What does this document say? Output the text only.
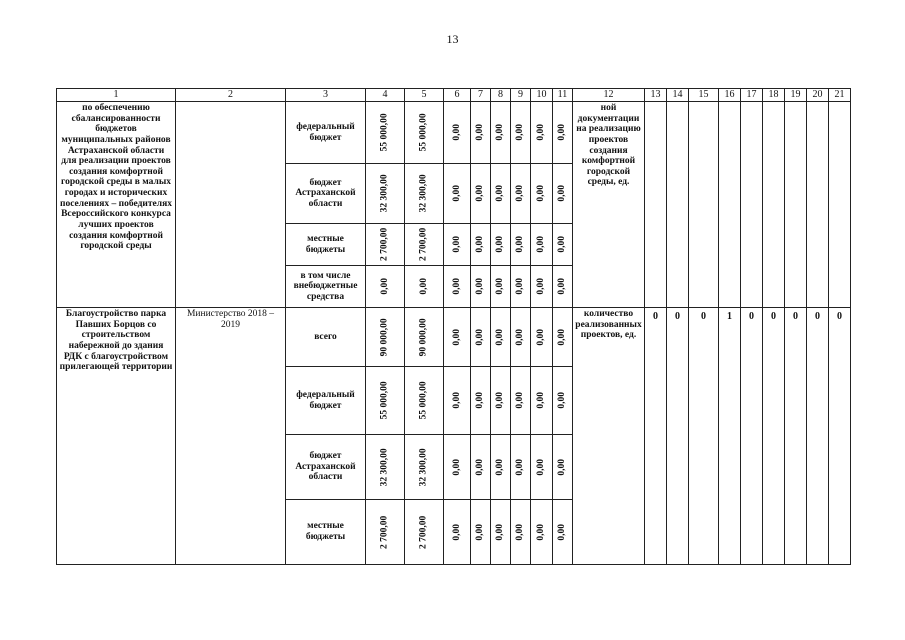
13
1	2	3	4	5	6	7	8	9	10	11	12	13	14	15	16	17	18	19	20	21
по обеспечению сбалансированности бюджетов муниципальных районов Астраханской области для реализации проектов создания комфортной городской среды в малых городах и исторических поселениях – победителях Всероссийского конкурса лучших проектов создания комфортной городской среды		федеральный бюджет	55 000,00	55 000,00	0,00	0,00	0,00	0,00	0,00	0,00	ной документации на реализацию проектов создания комфортной городской среды, ед.									
		бюджет Астраханской области	32 300,00	32 300,00	0,00	0,00	0,00	0,00	0,00	0,00										
		местные бюджеты	2 700,00	2 700,00	0,00	0,00	0,00	0,00	0,00	0,00										
		в том числе внебюджетные средства	0,00	0,00	0,00	0,00	0,00	0,00	0,00	0,00										
Благоустройство парка Павших Борцов со строительством набережной до здания РДК с благоустройством прилегающей территории	Министерство 2018 – 2019	всего	90 000,00	90 000,00	0,00	0,00	0,00	0,00	0,00	0,00	количество реализованных проектов, ед.	0	0	0	1	0	0	0	0	0
		федеральный бюджет	55 000,00	55 000,00	0,00	0,00	0,00	0,00	0,00	0,00										
		бюджет Астраханской области	32 300,00	32 300,00	0,00	0,00	0,00	0,00	0,00	0,00										
		местные бюджеты	2 700,00	2 700,00	0,00	0,00	0,00	0,00	0,00	0,00										
